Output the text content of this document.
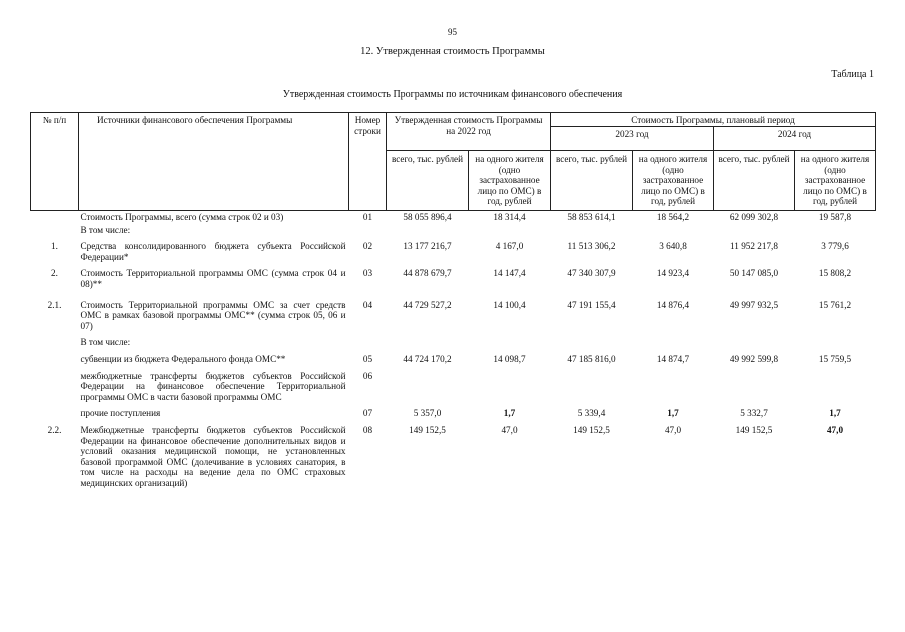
95
12. Утвержденная стоимость Программы
Таблица 1
Утвержденная стоимость Программы по источникам финансового обеспечения
№ п/п	Источники финансового обеспечения Программы	Номер строки	Утвержденная стоимость Программы на 2022 год		Стоимость Программы, плановый период			
					2023 год		2024 год	
			всего, тыс. рублей	на одного жителя (одно застрахованное лицо по ОМС) в год, рублей	всего, тыс. рублей	на одного жителя (одно застрахованное лицо по ОМС) в год, рублей	всего, тыс. рублей	на одного жителя (одно застрахованное лицо по ОМС) в год, рублей
	Стоимость Программы, всего (сумма строк 02 и 03)	01	58 055 896,4	18 314,4	58 853 614,1	18 564,2	62 099 302,8	19 587,8
	В том числе:							
1.	Средства консолидированного бюджета субъекта Российской Федерации*	02	13 177 216,7	4 167,0	11 513 306,2	3 640,8	11 952 217,8	3 779,6
2.	Стоимость Территориальной программы ОМС (сумма строк 04 и 08)**	03	44 878 679,7	14 147,4	47 340 307,9	14 923,4	50 147 085,0	15 808,2
2.1.	Стоимость Территориальной программы ОМС за счет средств ОМС в рамках базовой программы ОМС** (сумма строк 05, 06 и 07)	04	44 729 527,2	14 100,4	47 191 155,4	14 876,4	49 997 932,5	15 761,2
	В том числе:							
	субвенции из бюджета Федерального фонда ОМС**	05	44 724 170,2	14 098,7	47 185 816,0	14 874,7	49 992 599,8	15 759,5
	межбюджетные трансферты бюджетов субъектов Российской Федерации на финансовое обеспечение Территориальной программы ОМС в части базовой программы ОМС	06						
	прочие поступления	07	5 357,0	1,7	5 339,4	1,7	5 332,7	1,7
2.2.	Межбюджетные трансферты бюджетов субъектов Российской Федерации на финансовое обеспечение дополнительных видов и условий оказания медицинской помощи, не установленных базовой программой ОМС (долечивание в условиях санатория, в том числе на расходы на ведение дела по ОМС страховых медицинских организаций)	08	149 152,5	47,0	149 152,5	47,0	149 152,5	47,0
